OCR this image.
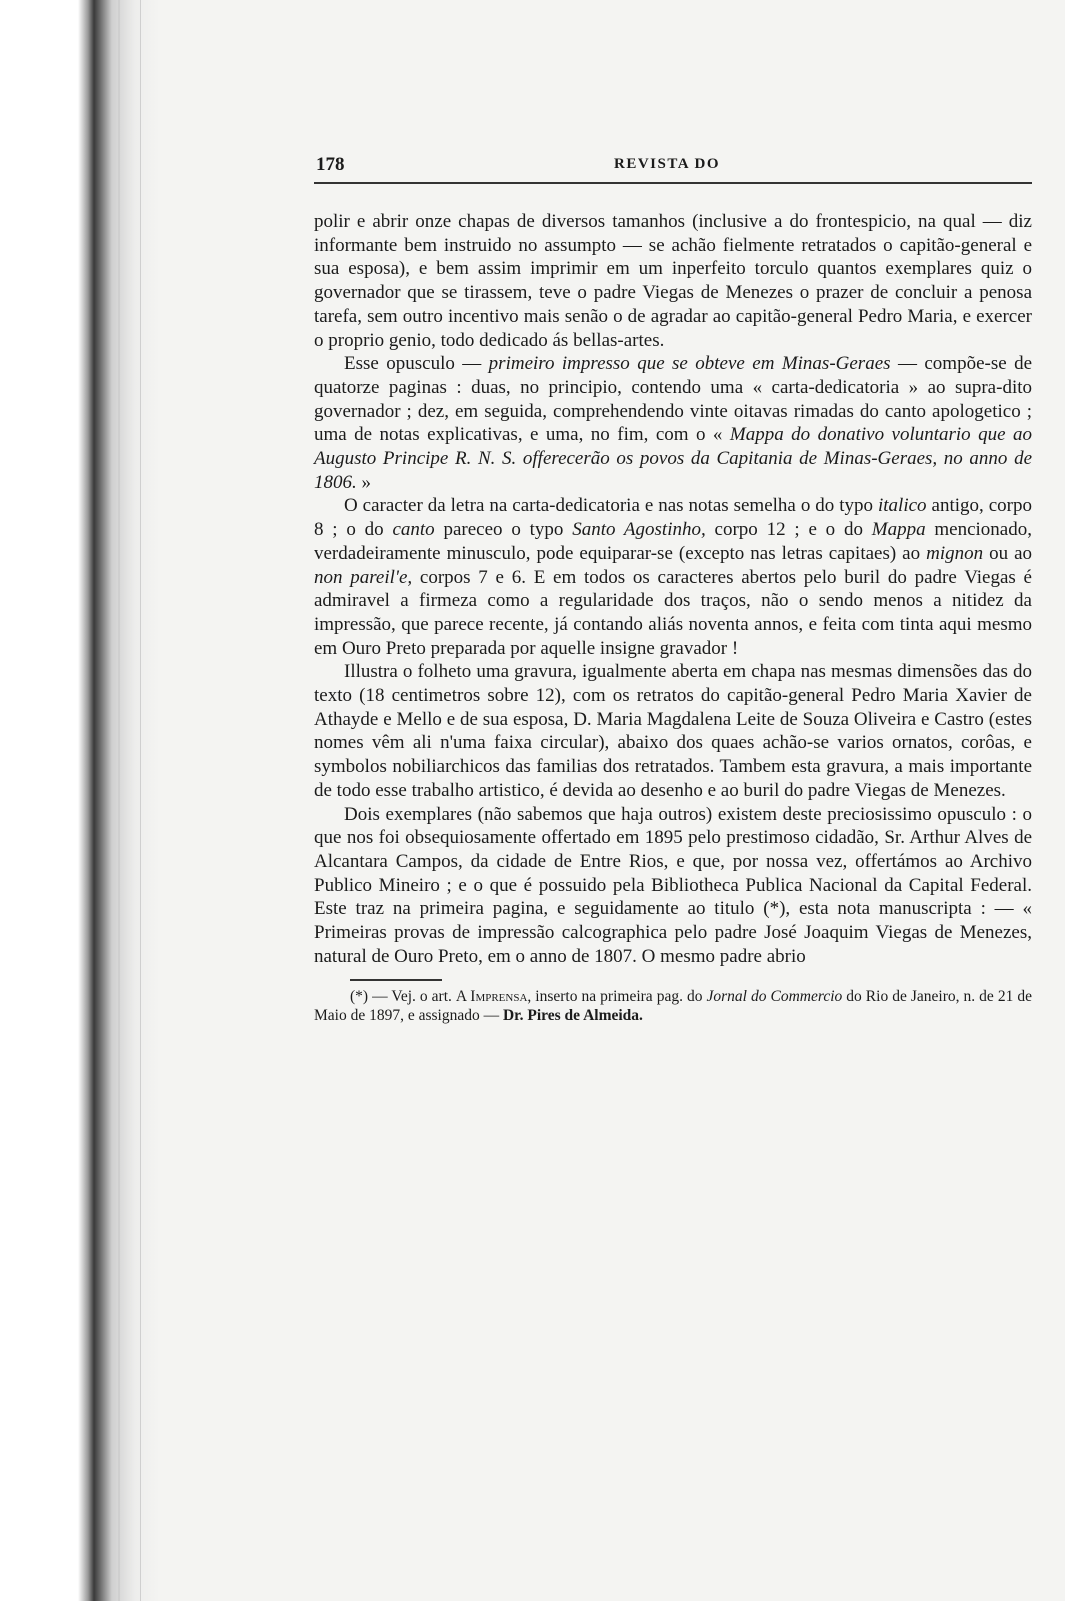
178	REVISTA DO

polir e abrir onze chapas de diversos tamanhos (inclusive a do frontespicio, na qual — diz informante bem instruido no assumpto — se achão fielmente retratados o capitão-general e sua esposa), e bem assim imprimir em um inperfeito torculo quantos exemplares quiz o governador que se tirassem, teve o padre Viegas de Menezes o prazer de concluir a penosa tarefa, sem outro incentivo mais senão o de agradar ao capitão-general Pedro Maria, e exercer o proprio genio, todo dedicado ás bellas-artes.

Esse opusculo — primeiro impresso que se obteve em Minas-Geraes — compõe-se de quatorze paginas : duas, no principio, contendo uma « carta-dedicatoria » ao supra-dito governador ; dez, em seguida, comprehendendo vinte oitavas rimadas do canto apologetico ; uma de notas explicativas, e uma, no fim, com o « Mappa do donativo voluntario que ao Augusto Principe R. N. S. offerecerão os povos da Capitania de Minas-Geraes, no anno de 1806. »

O caracter da letra na carta-dedicatoria e nas notas semelha o do typo italico antigo, corpo 8 ; o do canto pareceo o typo Santo Agostinho, corpo 12 ; e o do Mappa mencionado, verdadeiramente minusculo, pode equiparar-se (excepto nas letras capitaes) ao mignon ou ao non pareil'e, corpos 7 e 6. E em todos os caracteres abertos pelo buril do padre Viegas é admiravel a firmeza como a regularidade dos traços, não o sendo menos a nitidez da impressão, que parece recente, já contando aliás noventa annos, e feita com tinta aqui mesmo em Ouro Preto preparada por aquelle insigne gravador !

Illustra o folheto uma gravura, igualmente aberta em chapa nas mesmas dimensões das do texto (18 centimetros sobre 12), com os retratos do capitão-general Pedro Maria Xavier de Athayde e Mello e de sua esposa, D. Maria Magdalena Leite de Souza Oliveira e Castro (estes nomes vêm ali n'uma faixa circular), abaixo dos quaes achão-se varios ornatos, corôas, e symbolos nobiliarchicos das familias dos retratados. Tambem esta gravura, a mais importante de todo esse trabalho artistico, é devida ao desenho e ao buril do padre Viegas de Menezes.

Dois exemplares (não sabemos que haja outros) existem deste preciosissimo opusculo : o que nos foi obsequiosamente offertado em 1895 pelo prestimoso cidadão, Sr. Arthur Alves de Alcantara Campos, da cidade de Entre Rios, e que, por nossa vez, offertámos ao Archivo Publico Mineiro ; e o que é possuido pela Bibliotheca Publica Nacional da Capital Federal. Este traz na primeira pagina, e seguidamente ao titulo (*), esta nota manuscripta : — « Primeiras provas de impressão calcographica pelo padre José Joaquim Viegas de Menezes, natural de Ouro Preto, em o anno de 1807. O mesmo padre abrio

(*) — Vej. o art. A Imprensa, inserto na primeira pag. do Jornal do Commercio do Rio de Janeiro, n. de 21 de Maio de 1897, e assignado — Dr. Pires de Almeida.
